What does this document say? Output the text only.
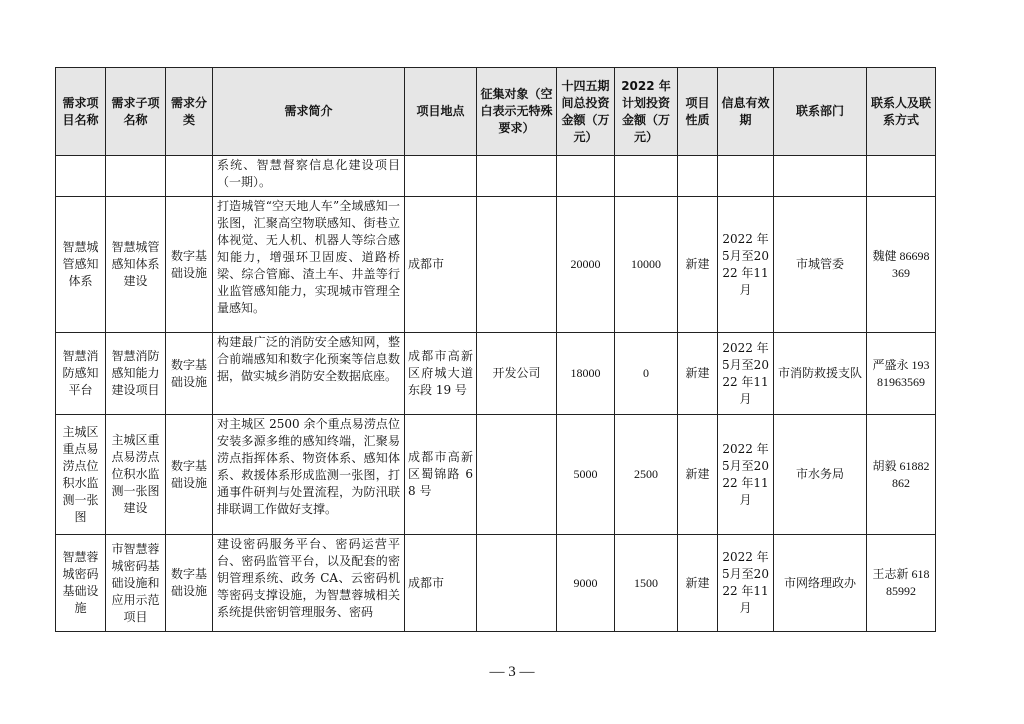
需求项目名称	需求子项名称	需求分类	需求简介	项目地点	征集对象（空白表示无特殊要求）	十四五期间总投资金额（万元）	2022 年计划投资金额（万元）	项目性质	信息有效期	联系部门	联系人及联系方式
			系统、智慧督察信息化建设项目（一期）。								
智慧城管感知体系	智慧城管感知体系建设	数字基础设施	打造城管“空天地人车”全域感知一张图，汇聚高空物联感知、街巷立体视觉、无人机、机器人等综合感知能力，增强环卫固废、道路桥梁、综合管廊、渣土车、井盖等行业监管感知能力，实现城市管理全量感知。	成都市		20000	10000	新建	2022 年5月至2022 年11 月	市城管委	魏健 86698369
智慧消防感知平台	智慧消防感知能力建设项目	数字基础设施	构建最广泛的消防安全感知网，整合前端感知和数字化预案等信息数据，做实城乡消防安全数据底座。	成都市高新区府城大道东段 19 号	开发公司	18000	0	新建	2022 年5月至2022 年11 月	市消防救援支队	严盛永 19381963569
主城区重点易涝点位积水监测一张图	主城区重点易涝点位积水监测一张图建设	数字基础设施	对主城区 2500 余个重点易涝点位安装多源多维的感知终端，汇聚易涝点指挥体系、物资体系、感知体系、救援体系形成监测一张图，打通事件研判与处置流程，为防汛联排联调工作做好支撑。	成都市高新区蜀锦路 68 号		5000	2500	新建	2022 年5月至2022 年11 月	市水务局	胡毅 61882862
智慧蓉城密码基础设施	市智慧蓉城密码基础设施和应用示范项目	数字基础设施	建设密码服务平台、密码运营平台、密码监管平台，以及配套的密钥管理系统、政务 CA、云密码机等密码支撑设施，为智慧蓉城相关系统提供密钥管理服务、密码	成都市		9000	1500	新建	2022 年5月至2022 年11 月	市网络理政办	王志新 61885992
— 3 —
